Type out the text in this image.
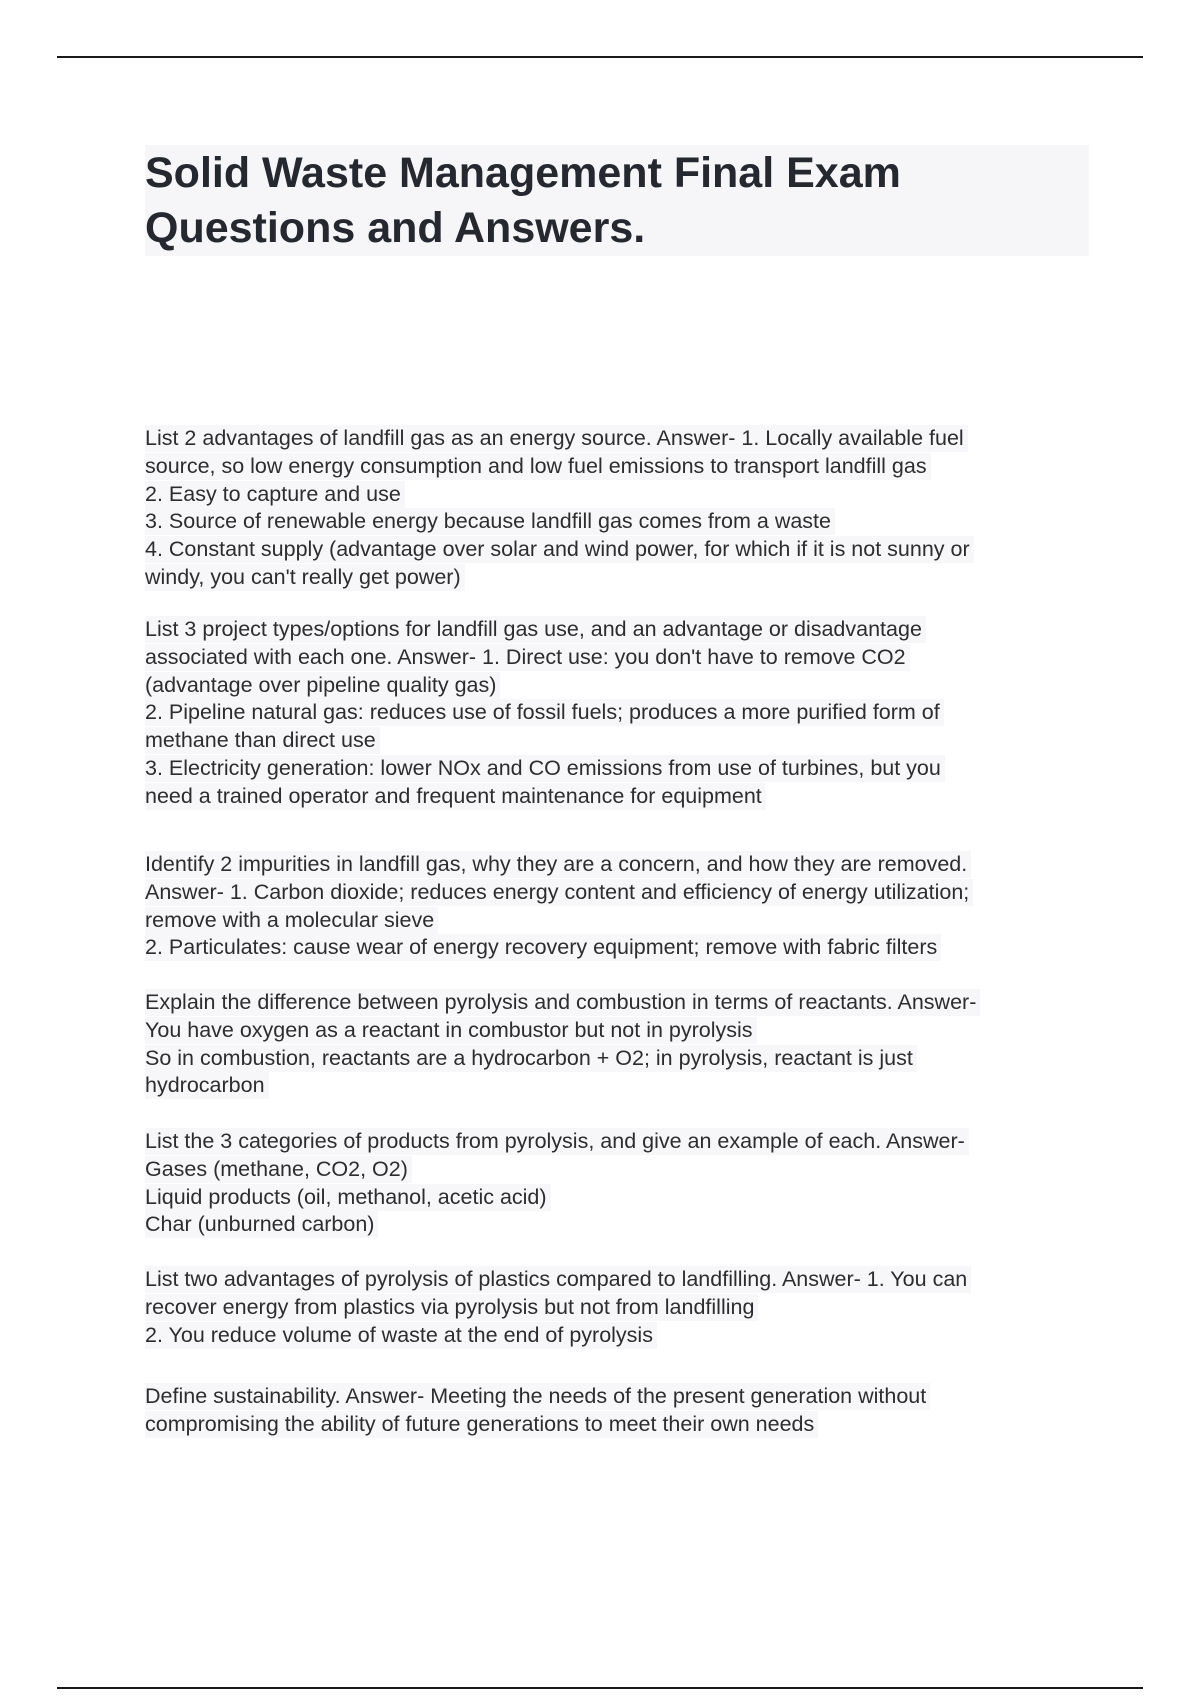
Solid Waste Management Final Exam
Questions and Answers.
List 2 advantages of landfill gas as an energy source. Answer- 1. Locally available fuel
source, so low energy consumption and low fuel emissions to transport landfill gas
2. Easy to capture and use
3. Source of renewable energy because landfill gas comes from a waste
4. Constant supply (advantage over solar and wind power, for which if it is not sunny or
windy, you can't really get power)
List 3 project types/options for landfill gas use, and an advantage or disadvantage
associated with each one. Answer- 1. Direct use: you don't have to remove CO2
(advantage over pipeline quality gas)
2. Pipeline natural gas: reduces use of fossil fuels; produces a more purified form of
methane than direct use
3. Electricity generation: lower NOx and CO emissions from use of turbines, but you
need a trained operator and frequent maintenance for equipment
Identify 2 impurities in landfill gas, why they are a concern, and how they are removed.
Answer- 1. Carbon dioxide; reduces energy content and efficiency of energy utilization;
remove with a molecular sieve
2. Particulates: cause wear of energy recovery equipment; remove with fabric filters
Explain the difference between pyrolysis and combustion in terms of reactants. Answer-
You have oxygen as a reactant in combustor but not in pyrolysis
So in combustion, reactants are a hydrocarbon + O2; in pyrolysis, reactant is just
hydrocarbon
List the 3 categories of products from pyrolysis, and give an example of each. Answer-
Gases (methane, CO2, O2)
Liquid products (oil, methanol, acetic acid)
Char (unburned carbon)
List two advantages of pyrolysis of plastics compared to landfilling. Answer- 1. You can
recover energy from plastics via pyrolysis but not from landfilling
2. You reduce volume of waste at the end of pyrolysis
Define sustainability. Answer- Meeting the needs of the present generation without
compromising the ability of future generations to meet their own needs
